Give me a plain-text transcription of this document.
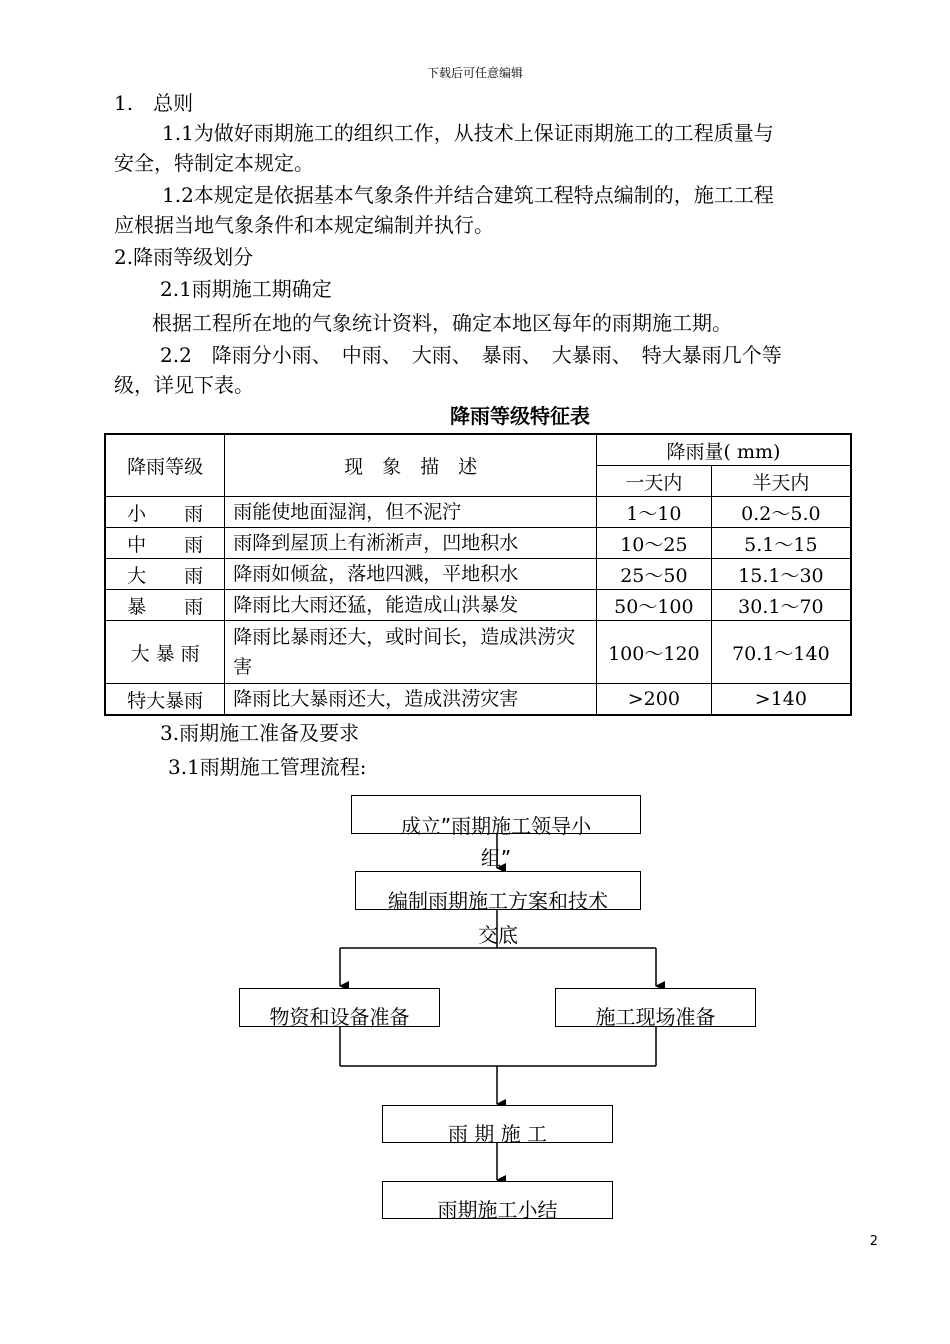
下载后可任意编辑
1.　总则
1.1为做好雨期施工的组织工作，从技术上保证雨期施工的工程质量与
安全，特制定本规定。
1.2本规定是依据基本气象条件并结合建筑工程特点编制的，施工工程
应根据当地气象条件和本规定编制并执行。
2.降雨等级划分
2.1雨期施工期确定
根据工程所在地的气象统计资料，确定本地区每年的雨期施工期。
2.2　降雨分小雨、　中雨、　大雨、　暴雨、　大暴雨、　特大暴雨几个等
级，详见下表。
降雨等级特征表
降雨等级	现　象　描　述	降雨量( mm)	
		一天内	半天内
小　　雨	雨能使地面湿润，但不泥泞	1～10	0.2～5.0
中　　雨	雨降到屋顶上有淅淅声，凹地积水	10～25	5.1～15
大　　雨	降雨如倾盆，落地四溅，平地积水	25～50	15.1～30
暴　　雨	降雨比大雨还猛，能造成山洪暴发	50～100	30.1～70
大 暴 雨	降雨比暴雨还大，或时间长，造成洪涝灾害	100～120	70.1～140
特大暴雨	降雨比大暴雨还大，造成洪涝灾害	>200	>140
3.雨期施工准备及要求
3.1雨期施工管理流程:
成立”雨期施工领导小
组”
编制雨期施工方案和技术
交底
物资和设备准备	施工现场准备
雨 期 施 工
雨期施工小结
2
